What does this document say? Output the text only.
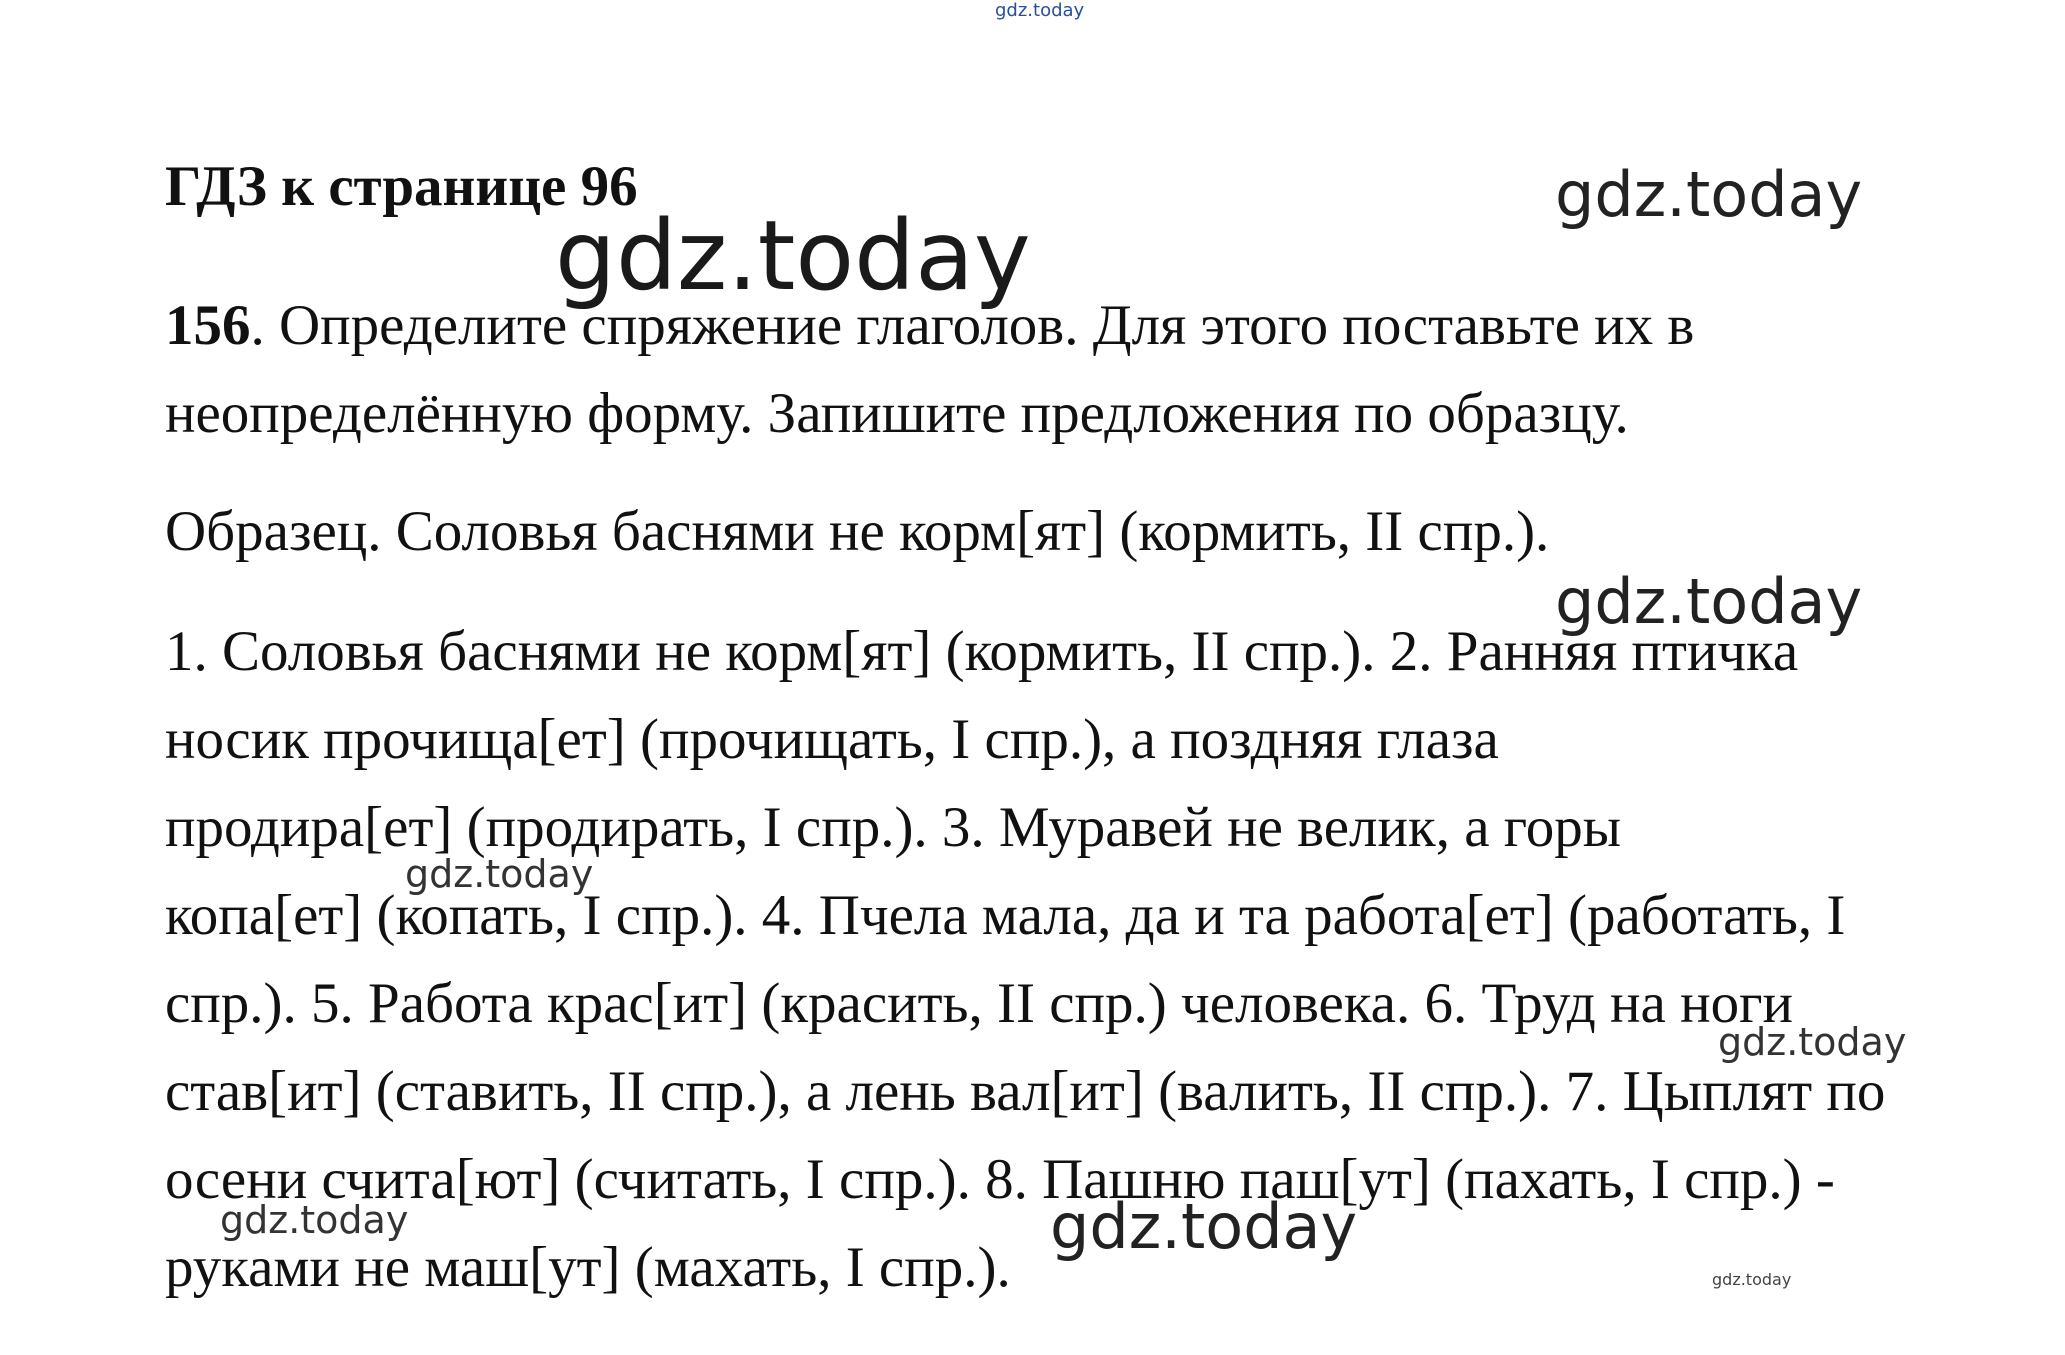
ГДЗ к странице 96
156. Определите спряжение глаголов. Для этого поставьте их в
неопределённую форму. Запишите предложения по образцу.
Образец. Соловья баснями не корм[ят] (кормить, II спр.).
1. Соловья баснями не корм[ят] (кормить, II спр.). 2. Ранняя птичка
носик прочища[ет] (прочищать, I спр.), а поздняя глаза
продира[ет] (продирать, I спр.). 3. Муравей не велик, а горы
копа[ет] (копать, I спр.). 4. Пчела мала, да и та работа[ет] (работать, I
спр.). 5. Работа крас[ит] (красить, II спр.) человека. 6. Труд на ноги
став[ит] (ставить, II спр.), а лень вал[ит] (валить, II спр.). 7. Цыплят по
осени счита[ют] (считать, I спр.). 8. Пашню паш[ут] (пахать, I спр.) -
руками не маш[ут] (махать, I спр.).
gdz.today
gdz.today
gdz.today
gdz.today
gdz.today
gdz.today
gdz.today	gdz.today
gdz.today
